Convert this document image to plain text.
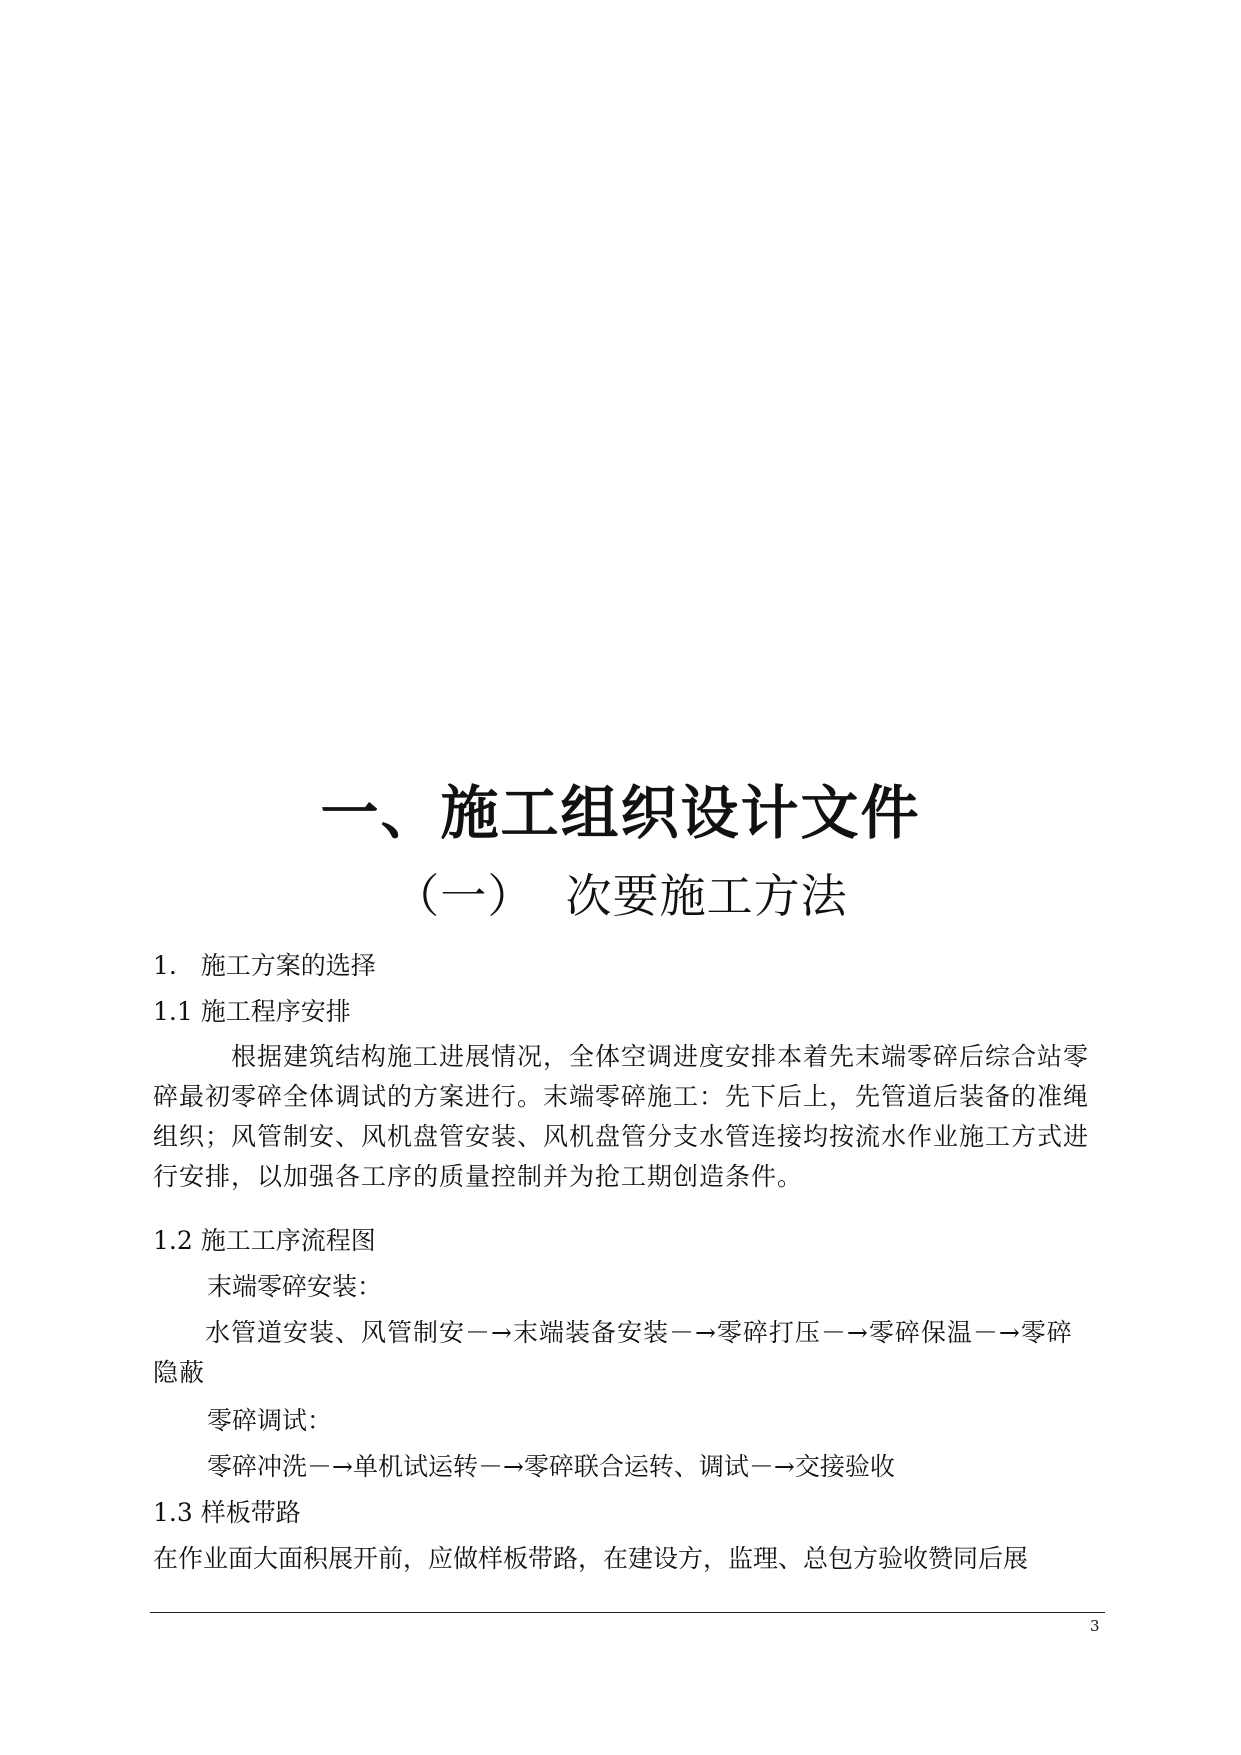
一、施工组织设计文件
（一）  次要施工方法
1.   施工方案的选择
1.1 施工程序安排
　　　根据建筑结构施工进展情况，全体空调进度安排本着先末端零碎后综合站零碎最初零碎全体调试的方案进行。末端零碎施工：先下后上，先管道后装备的准绳组织；风管制安、风机盘管安装、风机盘管分支水管连接均按流水作业施工方式进行安排，以加强各工序的质量控制并为抢工期创造条件。
1.2 施工工序流程图
末端零碎安装：
　　水管道安装、风管制安－→末端装备安装－→零碎打压－→零碎保温－→零碎隐蔽
零碎调试：
零碎冲洗－→单机试运转－→零碎联合运转、调试－→交接验收
1.3 样板带路
在作业面大面积展开前，应做样板带路，在建设方，监理、总包方验收赞同后展
3
